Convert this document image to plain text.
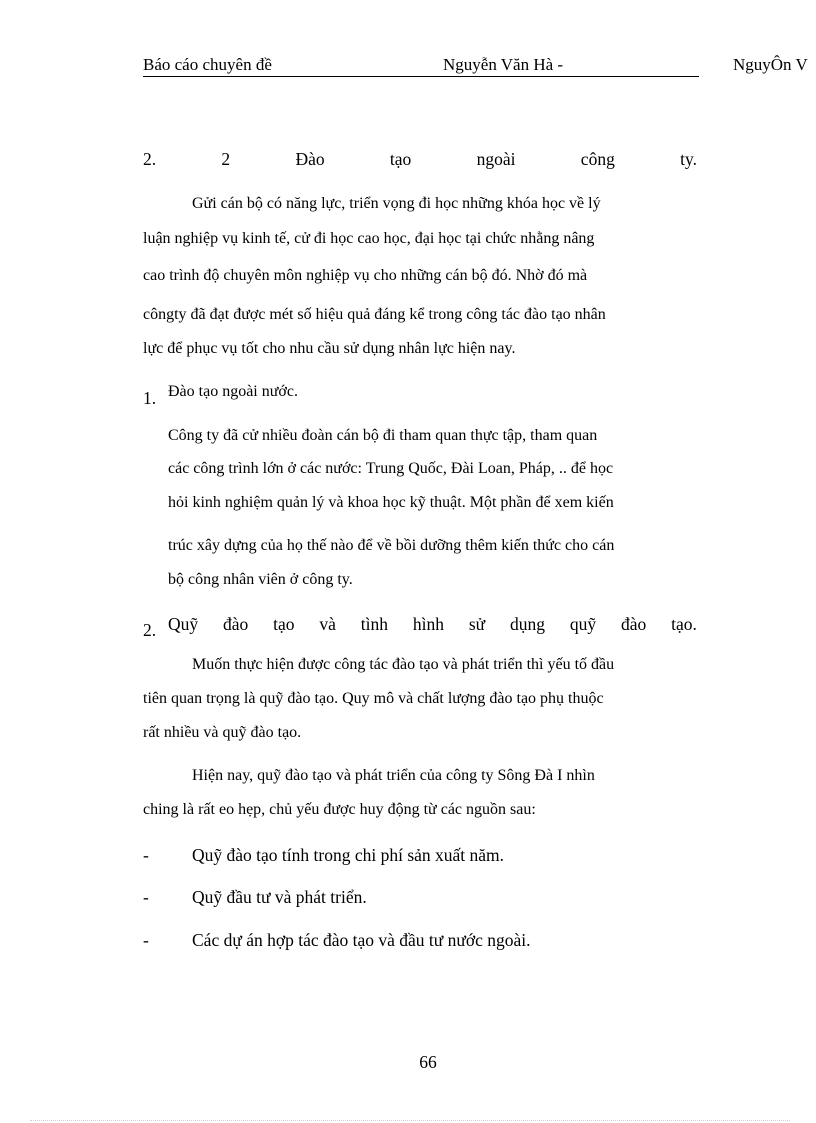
Báo cáo chuyên đề	Nguyễn Văn Hà -	NguyÔn V
2.	2	Đào	tạo	ngoài	công	ty.
Gửi cán bộ có năng lực, triển vọng đi học những khóa học về lý
luận nghiệp vụ kinh tế, cử đi học cao học, đại học tại chức nhằng nâng
cao trình độ chuyên môn nghiệp vụ cho những cán bộ đó. Nhờ đó mà
côngty đã đạt được mét số hiệu quả đáng kể trong công tác đào tạo nhân
lực để phục vụ tốt cho nhu cầu sử dụng nhân lực hiện nay.
1. Đào tạo ngoài nước.
Công ty đã cử nhiều đoàn cán bộ đi tham quan thực tập, tham quan
các công trình lớn ở các nước: Trung Quốc, Đài Loan, Pháp, .. để học
hỏi kinh nghiệm quản lý và khoa học kỹ thuật. Một phần để xem kiến
trúc xây dựng của họ thế nào để về bồi dưỡng thêm kiến thức cho cán
bộ công nhân viên ở công ty.
2. Quỹ đào tạo và tình hình sử dụng quỹ đào tạo.
Muốn thực hiện được công tác đào tạo và phát triển thì yếu tố đầu
tiên quan trọng là quỹ đào tạo. Quy mô và chất lượng đào tạo phụ thuộc
rất nhiều và quỹ đào tạo.
Hiện nay, quỹ đào tạo và phát triển của công ty Sông Đà I nhìn
ching là rất eo hẹp, chủ yếu được huy động từ các nguồn sau:
- Quỹ đào tạo tính trong chi phí sản xuất năm.
- Quỹ đầu tư và phát triển.
- Các dự án hợp tác đào tạo và đầu tư nước ngoài.
66
